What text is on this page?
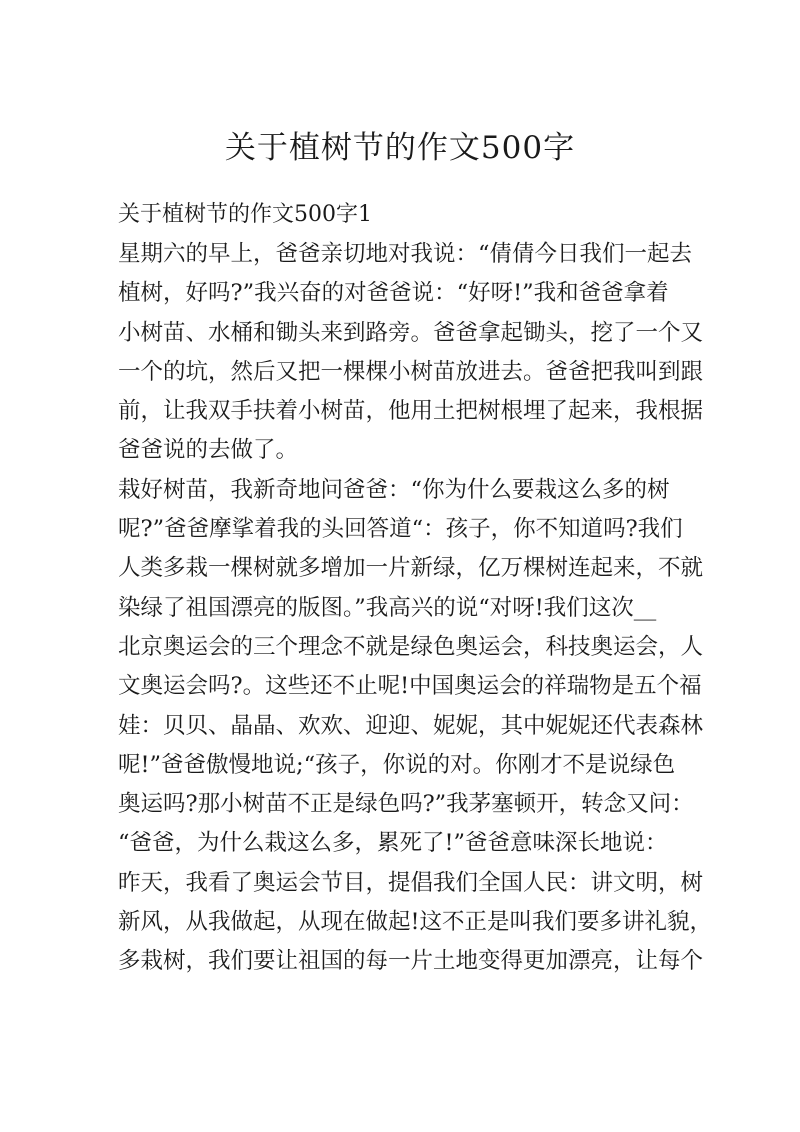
关于植树节的作文500字
关于植树节的作文500字1
星期六的早上，爸爸亲切地对我说：“倩倩今日我们一起去
植树，好吗?”我兴奋的对爸爸说：“好呀!”我和爸爸拿着
小树苗、水桶和锄头来到路旁。爸爸拿起锄头，挖了一个又
一个的坑，然后又把一棵棵小树苗放进去。爸爸把我叫到跟
前，让我双手扶着小树苗，他用土把树根埋了起来，我根据
爸爸说的去做了。
栽好树苗，我新奇地问爸爸：“你为什么要栽这么多的树
呢?”爸爸摩挲着我的头回答道“：孩子，你不知道吗?我们
人类多栽一棵树就多增加一片新绿，亿万棵树连起来，不就
染绿了祖国漂亮的版图。”我高兴的说“对呀!我们这次__
北京奥运会的三个理念不就是绿色奥运会，科技奥运会，人
文奥运会吗?。这些还不止呢!中国奥运会的祥瑞物是五个福
娃：贝贝、晶晶、欢欢、迎迎、妮妮，其中妮妮还代表森林
呢!”爸爸傲慢地说;“孩子，你说的对。你刚才不是说绿色
奥运吗?那小树苗不正是绿色吗?”我茅塞顿开，转念又问：
“爸爸，为什么栽这么多，累死了!”爸爸意味深长地说：
昨天，我看了奥运会节目，提倡我们全国人民：讲文明，树
新风，从我做起，从现在做起!这不正是叫我们要多讲礼貌，
多栽树，我们要让祖国的每一片土地变得更加漂亮，让每个
